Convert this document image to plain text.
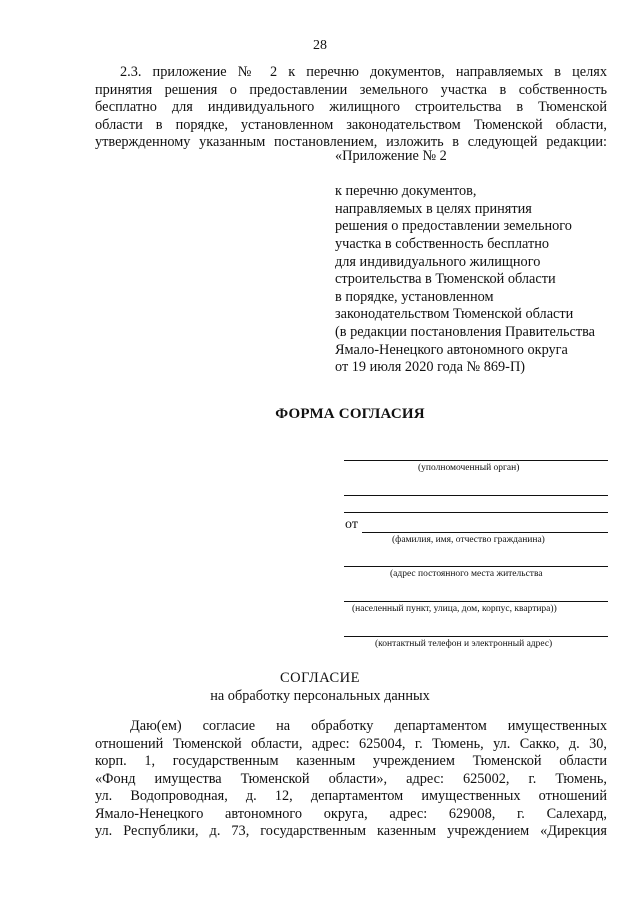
28
2.3. приложение № 2 к перечню документов, направляемых в целях
принятия решения о предоставлении земельного участка в собственность
бесплатно для индивидуального жилищного строительства в Тюменской
области в порядке, установленном законодательством Тюменской области,
утвержденному указанным постановлением, изложить в следующей редакции:
«Приложение № 2
к перечню документов,
направляемых в целях принятия
решения о предоставлении земельного
участка в собственность бесплатно
для индивидуального жилищного
строительства в Тюменской области
в порядке, установленном
законодательством Тюменской области
(в редакции постановления Правительства
Ямало-Ненецкого автономного округа
от 19 июля 2020 года № 869-П)
ФОРМА СОГЛАСИЯ
(уполномоченный орган)
от
(фамилия, имя, отчество гражданина)
(адрес постоянного места жительства
(населенный пункт, улица, дом, корпус, квартира))
(контактный телефон и электронный адрес)
СОГЛАСИЕ
на обработку персональных данных
Даю(ем) согласие на обработку департаментом имущественных
отношений Тюменской области, адрес: 625004, г. Тюмень, ул. Сакко, д. 30,
корп. 1, государственным казенным учреждением Тюменской области
«Фонд имущества Тюменской области», адрес: 625002, г. Тюмень,
ул. Водопроводная, д. 12, департаментом имущественных отношений
Ямало-Ненецкого автономного округа, адрес: 629008, г. Салехард,
ул. Республики, д. 73, государственным казенным учреждением «Дирекция
